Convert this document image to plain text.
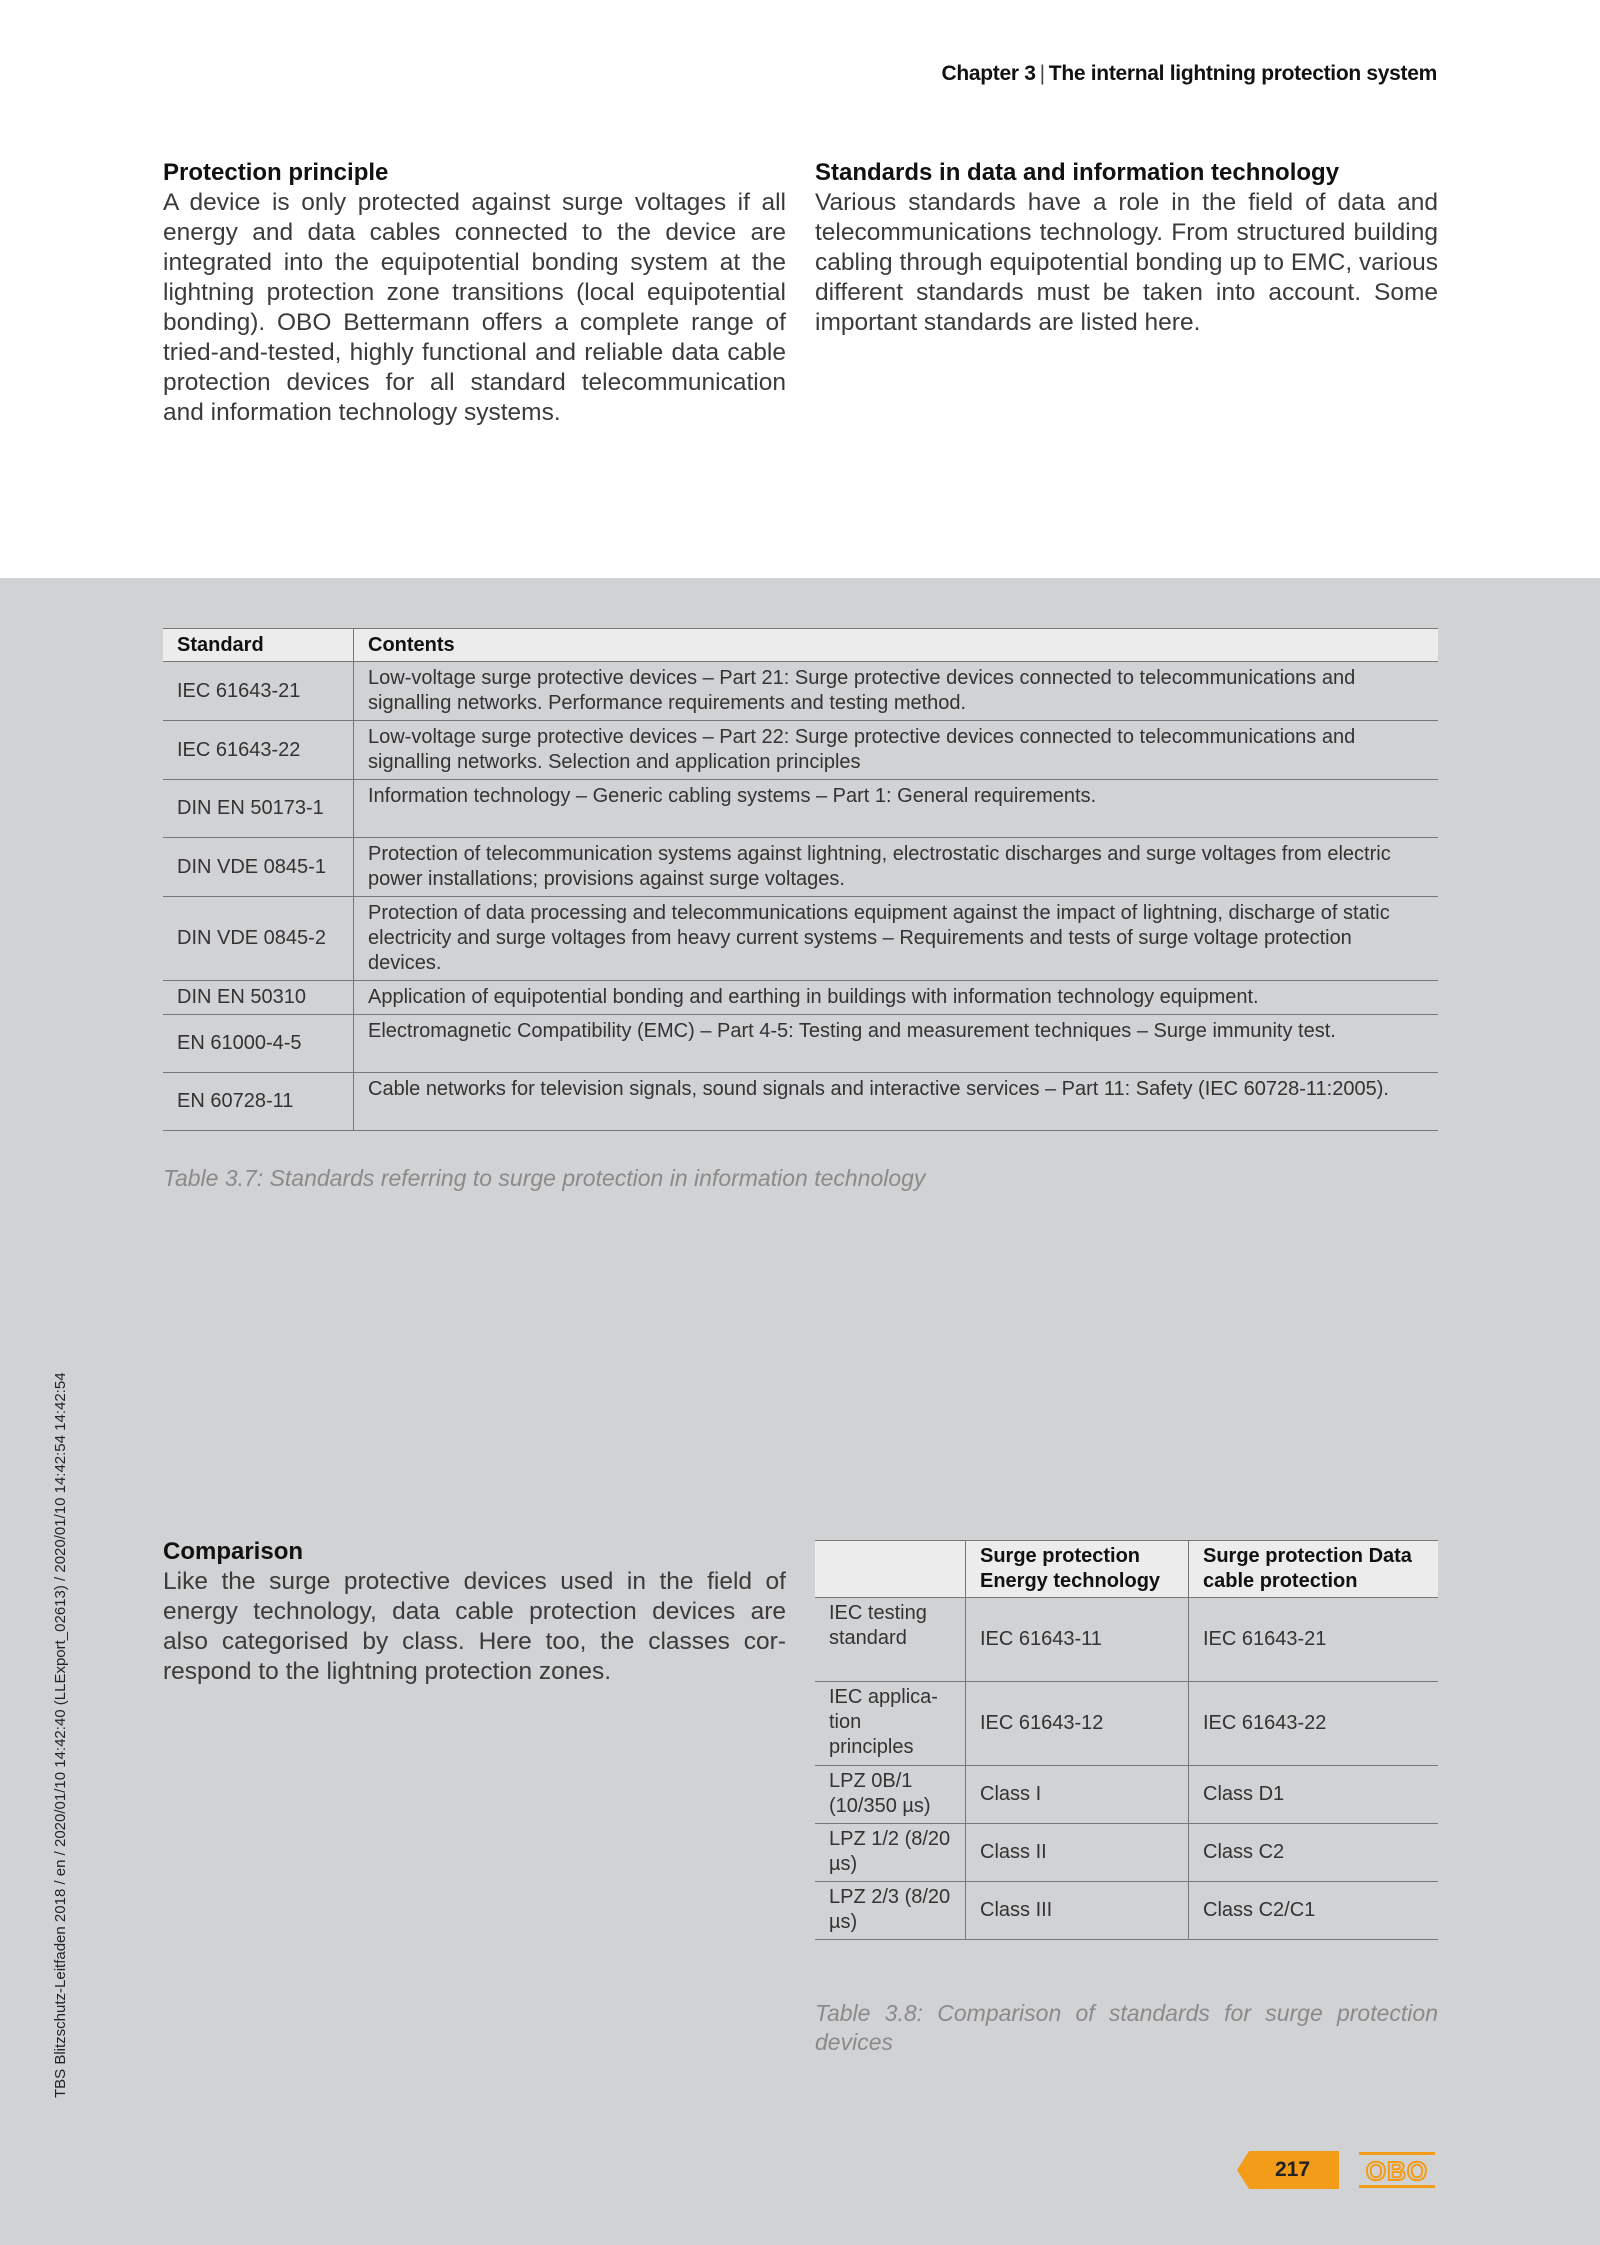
Chapter 3 | The internal lightning protection system
Protection principle

A device is only protected against surge voltages if all energy and data cables connected to the device are integrated into the equipotential bonding system at the lightning protection zone transitions (local equipotential bonding). OBO Bettermann offers a complete range of tried-and-tested, highly functional and reliable data cable protection devices for all standard telecommunication and information technology systems.

Standards in data and information technology

Various standards have a role in the field of data and telecommunications technology. From structured building cabling through equipotential bonding up to EMC, various different standards must be taken into account. Some important standards are listed here.

Standard	Contents
IEC 61643-21	Low-voltage surge protective devices – Part 21: Surge protective devices connected to telecommunications and signalling networks. Performance requirements and testing method.
IEC 61643-22	Low-voltage surge protective devices – Part 22: Surge protective devices connected to telecommunications and signalling networks. Selection and application principles
DIN EN 50173-1	Information technology – Generic cabling systems – Part 1: General requirements.
DIN VDE 0845-1	Protection of telecommunication systems against lightning, electrostatic discharges and surge voltages from electric power installations; provisions against surge voltages.
DIN VDE 0845-2	Protection of data processing and telecommunications equipment against the impact of lightning, discharge of static electricity and surge voltages from heavy current systems – Requirements and tests of surge voltage protection devices.
DIN EN 50310	Application of equipotential bonding and earthing in buildings with information technology equipment.
EN 61000-4-5	Electromagnetic Compatibility (EMC) – Part 4-5: Testing and measurement techniques – Surge immunity test.
EN 60728-11	Cable networks for television signals, sound signals and interactive services – Part 11: Safety (IEC 60728-11:2005).
Table 3.7: Standards referring to surge protection in information technology
Comparison

Like the surge protective devices used in the field of energy technology, data cable protection devices are also categorised by class. Here too, the classes correspond to the lightning protection zones.

	Surge protection Energy technology	Surge protection Data cable protection
IEC testing standard	IEC 61643-11	IEC 61643-21
IEC application principles	IEC 61643-12	IEC 61643-22
LPZ 0B/1 (10/350 µs)	Class I	Class D1
LPZ 1/2 (8/20 µs)	Class II	Class C2
LPZ 2/3 (8/20 µs)	Class III	Class C2/C1
Table 3.8: Comparison of standards for surge protection devices
TBS Blitzschutz-Leitfaden 2018 / en / 2020/01/10 14:42:40 (LLExport_02613) / 2020/01/10 14:42:54 14:42:54
217	OBO
